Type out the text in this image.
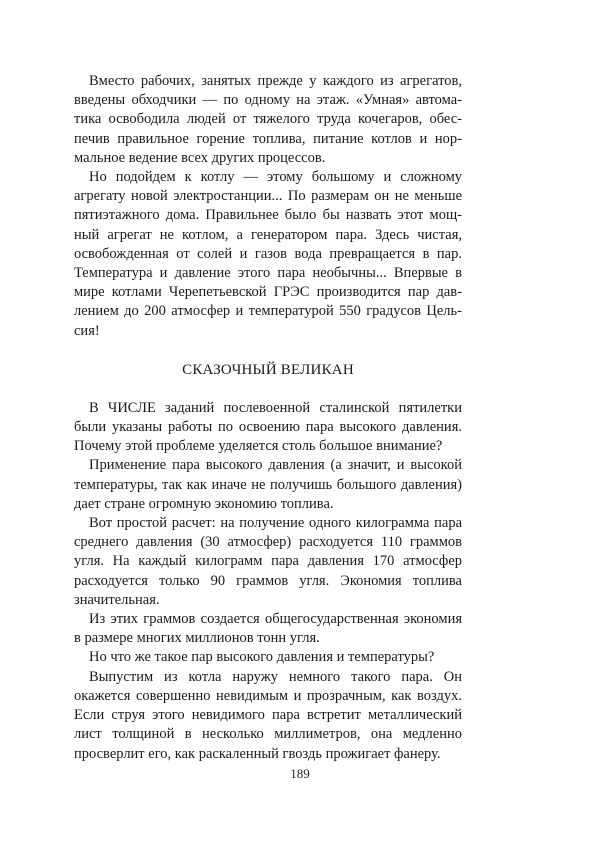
Вместо рабочих, занятых прежде у каждого из агрегатов, введены обходчики — по одному на этаж. «Умная» автоматика освободила людей от тяжелого труда кочегаров, обеспечив правильное горение топлива, питание котлов и нормальное ведение всех других процессов.

Но подойдем к котлу — этому большому и сложному агрегату новой электростанции... По размерам он не меньше пятиэтажного дома. Правильнее было бы назвать этот мощный агрегат не котлом, а генератором пара. Здесь чистая, освобожденная от солей и газов вода превращается в пар. Температура и давление этого пара необычны... Впервые в мире котлами Черепетьевской ГРЭС производится пар давлением до 200 атмосфер и температурой 550 градусов Цельсия!

СКАЗОЧНЫЙ ВЕЛИКАН

В ЧИСЛЕ заданий послевоенной сталинской пятилетки были указаны работы по освоению пара высокого давления. Почему этой проблеме уделяется столь большое внимание?

Применение пара высокого давления (а значит, и высокой температуры, так как иначе не получишь большого давления) дает стране огромную экономию топлива.

Вот простой расчет: на получение одного килограмма пара среднего давления (30 атмосфер) расходуется 110 граммов угля. На каждый килограмм пара давления 170 атмосфер расходуется только 90 граммов угля. Экономия топлива значительная.

Из этих граммов создается общегосударственная экономия в размере многих миллионов тонн угля.

Но что же такое пар высокого давления и температуры?

Выпустим из котла наружу немного такого пара. Он окажется совершенно невидимым и прозрачным, как воздух. Если струя этого невидимого пара встретит металлический лист толщиной в несколько миллиметров, она медленно просверлит его, как раскаленный гвоздь прожигает фанеру.

189
